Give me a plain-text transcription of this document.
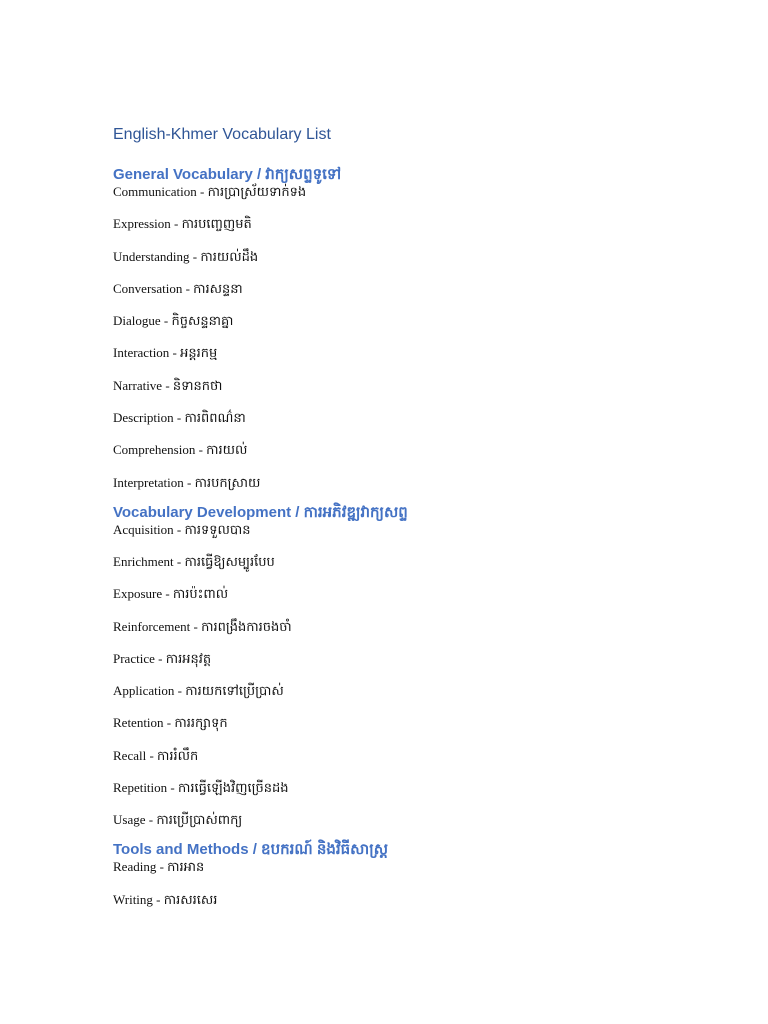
English-Khmer Vocabulary List
General Vocabulary / វាក្យសព្ទទូទៅ

Communication - ការប្រាស្រ័យទាក់ទង

Expression - ការបញ្ចេញមតិ

Understanding - ការយល់ដឹង

Conversation - ការសន្ទនា

Dialogue - កិច្ចសន្ទនាគ្នា

Interaction - អន្តរកម្ម

Narrative - និទានកថា

Description - ការពិពណ៌នា

Comprehension - ការយល់

Interpretation - ការបកស្រាយ

Vocabulary Development / ការអភិវឌ្ឍវាក្យសព្ទ

Acquisition - ការទទួលបាន

Enrichment - ការធ្វើឱ្យសម្បូរបែប

Exposure - ការប៉ះពាល់

Reinforcement - ការពង្រឹងការចងចាំ

Practice - ការអនុវត្ត

Application - ការយកទៅប្រើប្រាស់

Retention - ការរក្សាទុក

Recall - ការរំលឹក

Repetition - ការធ្វើឡើងវិញច្រើនដង

Usage - ការប្រើប្រាស់ពាក្យ

Tools and Methods / ឧបករណ៍ និងវិធីសាស្ត្រ

Reading - ការអាន

Writing - ការសរសេរ
